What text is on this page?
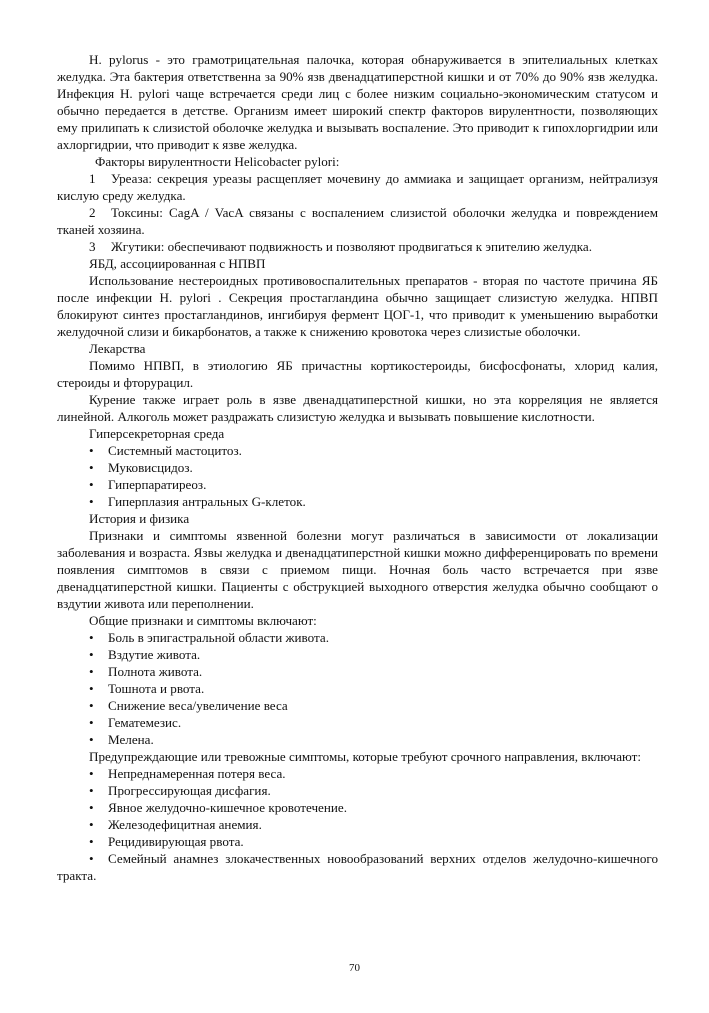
H. pylorus - это грамотрицательная палочка, которая обнаруживается в эпителиальных клетках желудка. Эта бактерия ответственна за 90% язв двенадцатиперстной кишки и от 70% до 90% язв желудка. Инфекция H. pylori чаще встречается среди лиц с более низким социально-экономическим статусом и обычно передается в детстве. Организм имеет широкий спектр факторов вирулентности, позволяющих ему прилипать к слизистой оболочке желудка и вызывать воспаление. Это приводит к гипохлоргидрии или ахлоргидрии, что приводит к язве желудка.

Факторы вирулентности Helicobacter pylori:

1 Уреаза: секреция уреазы расщепляет мочевину до аммиака и защищает организм, нейтрализуя кислую среду желудка.

2 Токсины: CagA / VacA связаны с воспалением слизистой оболочки желудка и повреждением тканей хозяина.

3 Жгутики: обеспечивают подвижность и позволяют продвигаться к эпителию желудка.

ЯБД, ассоциированная с НПВП

Использование нестероидных противовоспалительных препаратов - вторая по частоте причина ЯБ после инфекции H. pylori . Секреция простагландина обычно защищает слизистую желудка. НПВП блокируют синтез простагландинов, ингибируя фермент ЦОГ-1, что приводит к уменьшению выработки желудочной слизи и бикарбонатов, а также к снижению кровотока через слизистые оболочки.

Лекарства

Помимо НПВП, в этиологию ЯБ причастны кортикостероиды, бисфосфонаты, хлорид калия, стероиды и фторурацил.

Курение также играет роль в язве двенадцатиперстной кишки, но эта корреляция не является линейной. Алкоголь может раздражать слизистую желудка и вызывать повышение кислотности.

Гиперсекреторная среда

• Системный мастоцитоз.

• Муковисцидоз.

• Гиперпаратиреоз.

• Гиперплазия антральных G-клеток.

История и физика

Признаки и симптомы язвенной болезни могут различаться в зависимости от локализации заболевания и возраста. Язвы желудка и двенадцатиперстной кишки можно дифференцировать по времени появления симптомов в связи с приемом пищи. Ночная боль часто встречается при язве двенадцатиперстной кишки. Пациенты с обструкцией выходного отверстия желудка обычно сообщают о вздутии живота или переполнении.

Общие признаки и симптомы включают:

• Боль в эпигастральной области живота.

• Вздутие живота.

• Полнота живота.

• Тошнота и рвота.

• Снижение веса/увеличение веса

• Гематемезис.

• Мелена.

Предупреждающие или тревожные симптомы, которые требуют срочного направления, включают:

• Непреднамеренная потеря веса.

• Прогрессирующая дисфагия.

• Явное желудочно-кишечное кровотечение.

• Железодефицитная анемия.

• Рецидивирующая рвота.

• Семейный анамнез злокачественных новообразований верхних отделов желудочно-кишечного тракта.

70
